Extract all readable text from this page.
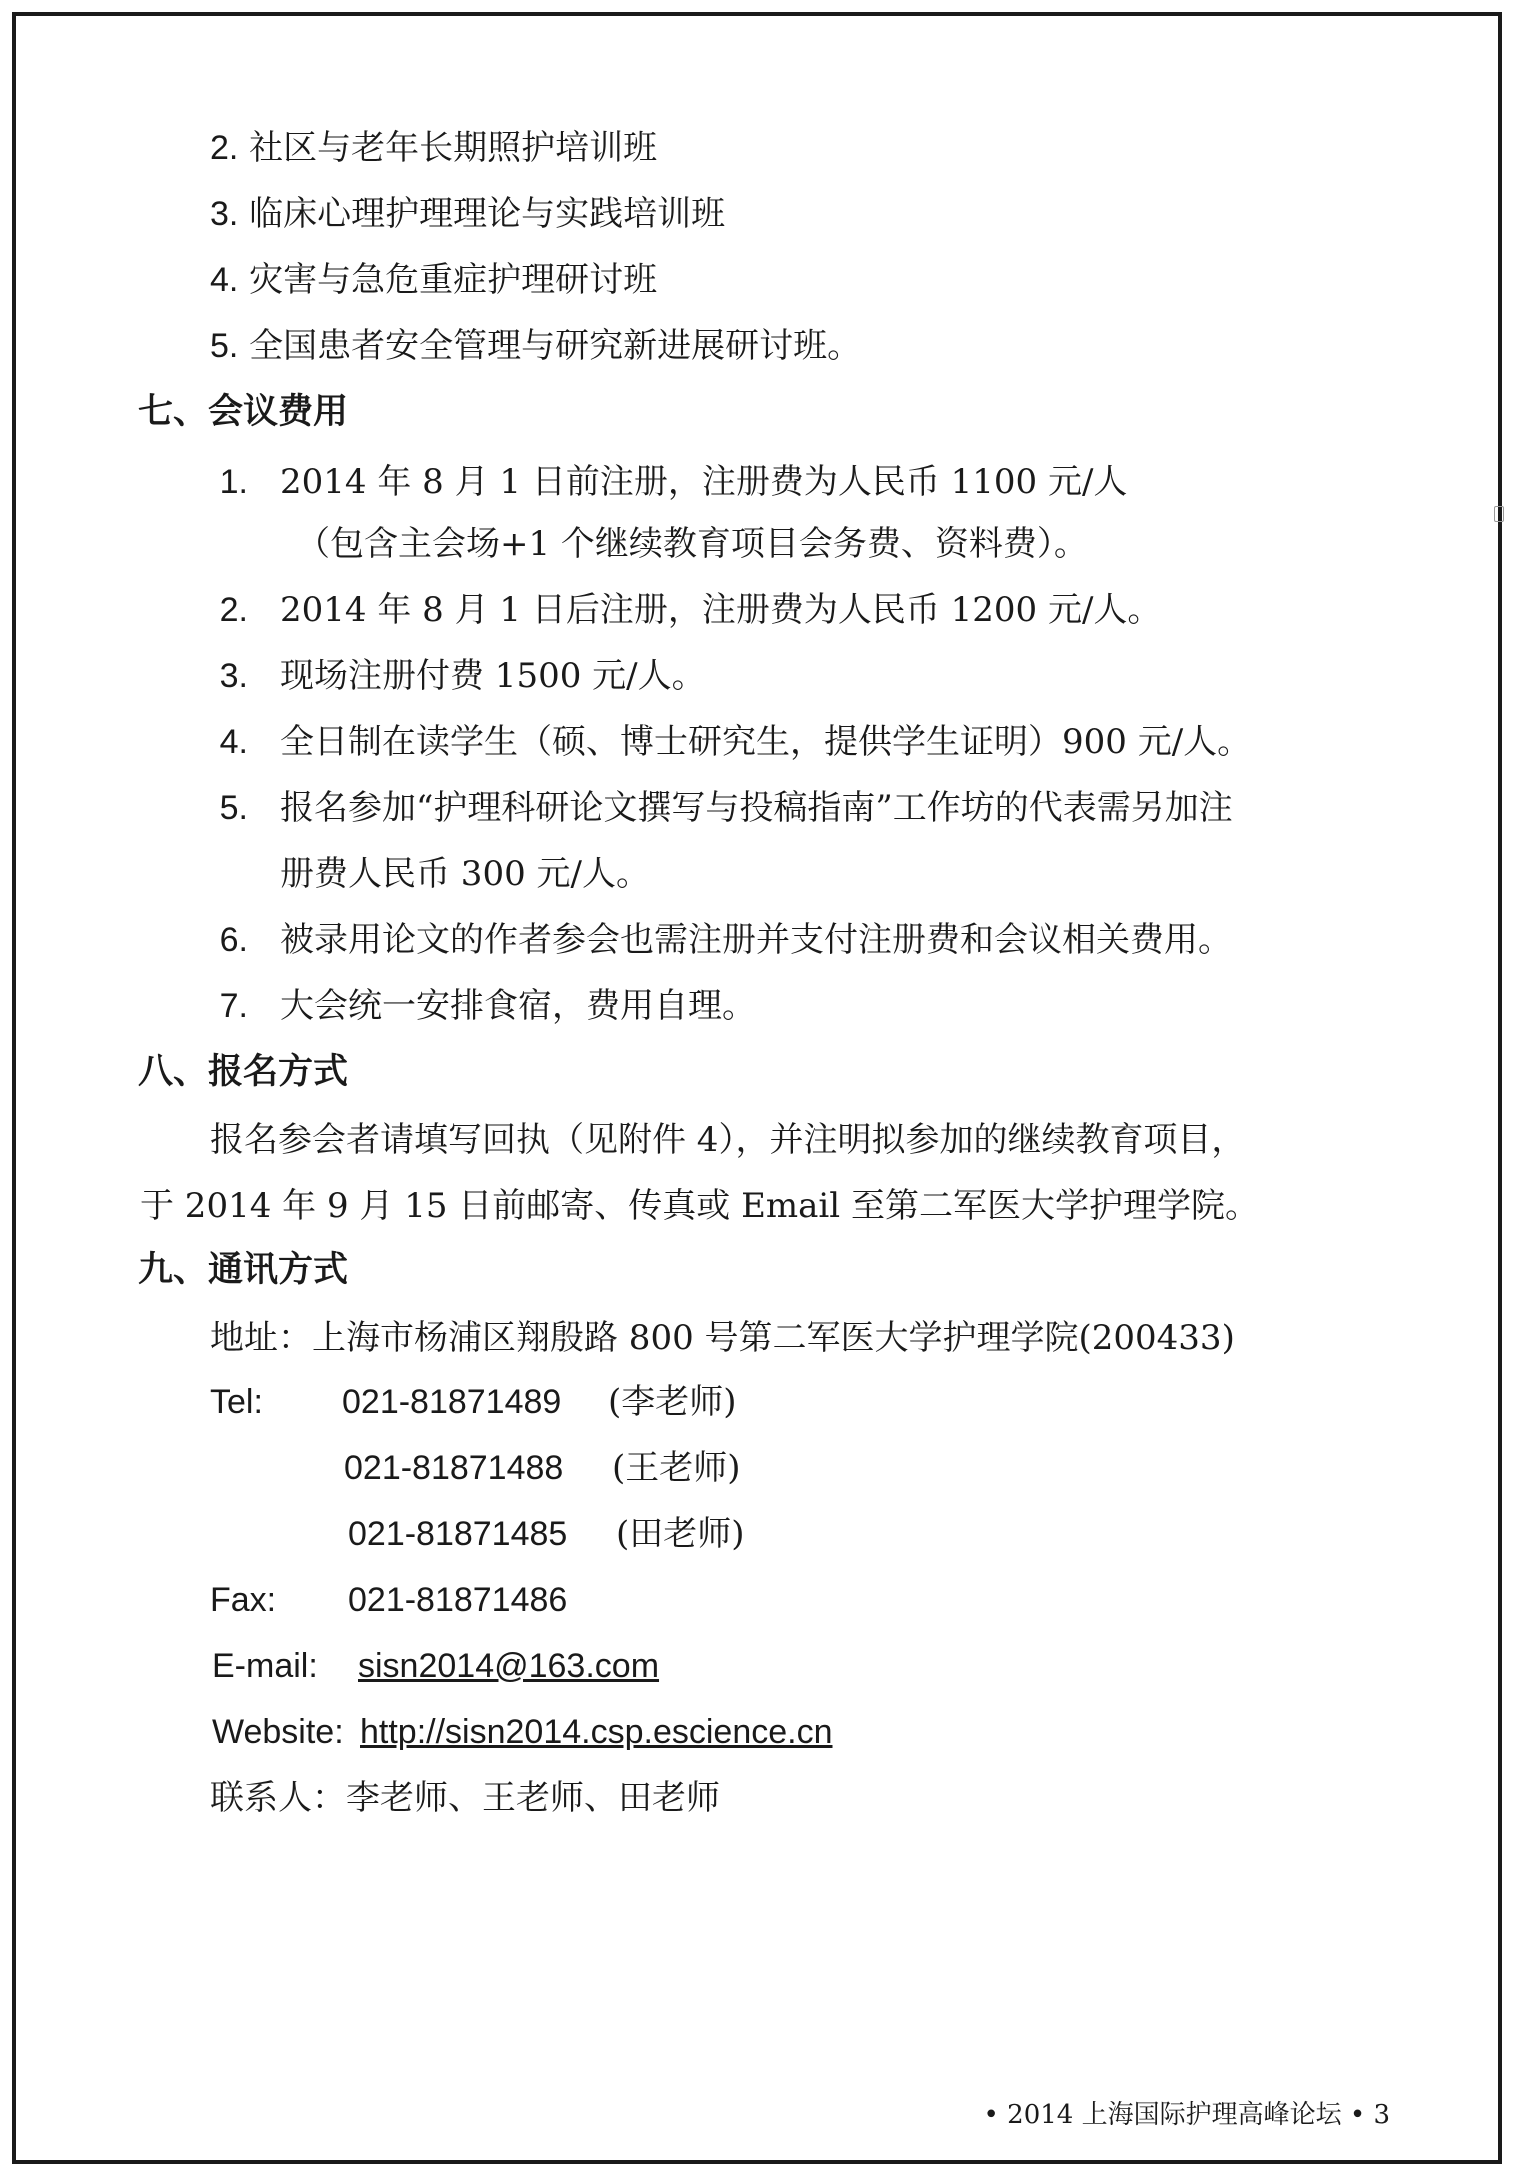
2. 社区与老年长期照护培训班
3. 临床心理护理理论与实践培训班
4. 灾害与急危重症护理研讨班
5. 全国患者安全管理与研究新进展研讨班。
七、会议费用
1. 2014 年 8 月 1 日前注册，注册费为人民币 1100 元/人
（包含主会场+1 个继续教育项目会务费、资料费）。
2. 2014 年 8 月 1 日后注册，注册费为人民币 1200 元/人。
3. 现场注册付费 1500 元/人。
4. 全日制在读学生（硕、博士研究生，提供学生证明）900 元/人。
5. 报名参加“护理科研论文撰写与投稿指南”工作坊的代表需另加注
册费人民币 300 元/人。
6. 被录用论文的作者参会也需注册并支付注册费和会议相关费用。
7. 大会统一安排食宿，费用自理。
八、报名方式
报名参会者请填写回执（见附件 4），并注明拟参加的继续教育项目，
于 2014 年 9 月 15 日前邮寄、传真或 Email 至第二军医大学护理学院。
九、通讯方式
地址：上海市杨浦区翔殷路 800 号第二军医大学护理学院(200433)
Tel: 021-81871489 (李老师)
021-81871488 (王老师)
021-81871485 (田老师)
Fax: 021-81871486
E-mail: sisn2014@163.com
Website: http://sisn2014.csp.escience.cn
联系人：李老师、王老师、田老师
• 2014 上海国际护理高峰论坛 • 3
